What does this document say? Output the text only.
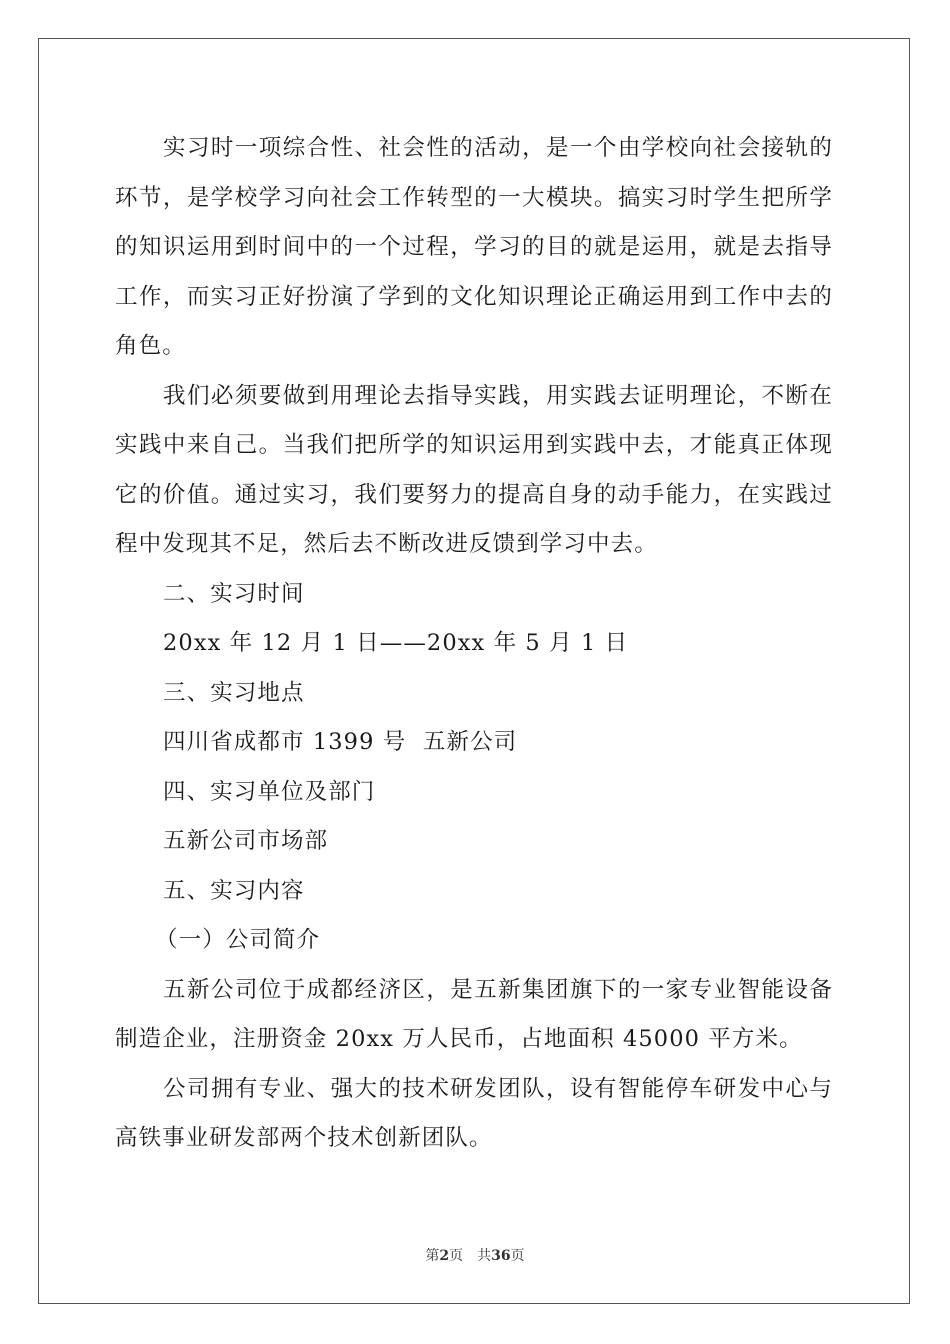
实习时一项综合性、社会性的活动，是一个由学校向社会接轨的环节，是学校学习向社会工作转型的一大模块。搞实习时学生把所学的知识运用到时间中的一个过程，学习的目的就是运用，就是去指导工作，而实习正好扮演了学到的文化知识理论正确运用到工作中去的角色。

我们必须要做到用理论去指导实践，用实践去证明理论，不断在实践中来自己。当我们把所学的知识运用到实践中去，才能真正体现它的价值。通过实习，我们要努力的提高自身的动手能力，在实践过程中发现其不足，然后去不断改进反馈到学习中去。

二、实习时间

20xx 年 12 月 1 日——20xx 年 5 月 1 日

三、实习地点

四川省成都市 1399 号  五新公司

四、实习单位及部门

五新公司市场部

五、实习内容

（一）公司简介

五新公司位于成都经济区，是五新集团旗下的一家专业智能设备制造企业，注册资金 20xx 万人民币，占地面积 45000 平方米。

公司拥有专业、强大的技术研发团队，设有智能停车研发中心与高铁事业研发部两个技术创新团队。

第2页 共36页
